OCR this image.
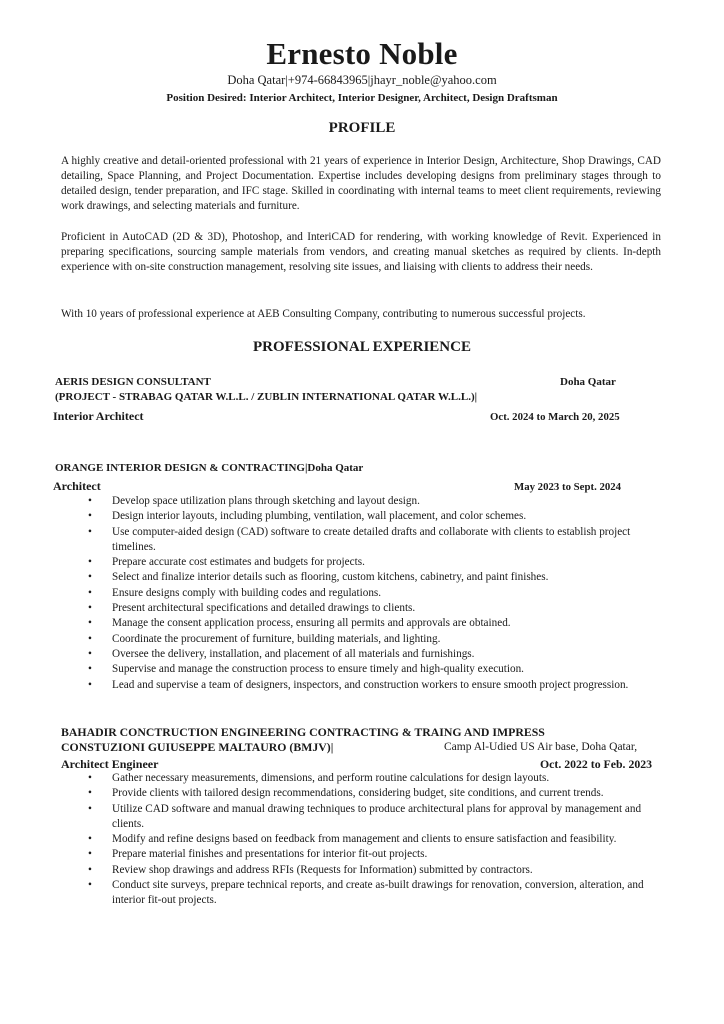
Ernesto Noble
Doha Qatar|+974-66843965|jhayr_noble@yahoo.com
Position Desired: Interior Architect, Interior Designer, Architect, Design Draftsman
PROFILE
A highly creative and detail-oriented professional with 21 years of experience in Interior Design, Architecture, Shop Drawings, CAD detailing, Space Planning, and Project Documentation. Expertise includes developing designs from preliminary stages through to detailed design, tender preparation, and IFC stage. Skilled in coordinating with internal teams to meet client requirements, reviewing work drawings, and selecting materials and furniture.
Proficient in AutoCAD (2D & 3D), Photoshop, and InteriCAD for rendering, with working knowledge of Revit. Experienced in preparing specifications, sourcing sample materials from vendors, and creating manual sketches as required by clients. In-depth experience with on-site construction management, resolving site issues, and liaising with clients to address their needs.
With 10 years of professional experience at AEB Consulting Company, contributing to numerous successful projects.
PROFESSIONAL EXPERIENCE
AERIS DESIGN CONSULTANT	Doha Qatar
(PROJECT - STRABAG QATAR W.L.L. / ZUBLIN INTERNATIONAL QATAR W.L.L.)|
Interior Architect	Oct. 2024 to March 20, 2025
ORANGE INTERIOR DESIGN & CONTRACTING|Doha Qatar
Architect	May 2023 to Sept. 2024
• Develop space utilization plans through sketching and layout design.
• Design interior layouts, including plumbing, ventilation, wall placement, and color schemes.
• Use computer-aided design (CAD) software to create detailed drafts and collaborate with clients to establish project timelines.
• Prepare accurate cost estimates and budgets for projects.
• Select and finalize interior details such as flooring, custom kitchens, cabinetry, and paint finishes.
• Ensure designs comply with building codes and regulations.
• Present architectural specifications and detailed drawings to clients.
• Manage the consent application process, ensuring all permits and approvals are obtained.
• Coordinate the procurement of furniture, building materials, and lighting.
• Oversee the delivery, installation, and placement of all materials and furnishings.
• Supervise and manage the construction process to ensure timely and high-quality execution.
• Lead and supervise a team of designers, inspectors, and construction workers to ensure smooth project progression.
BAHADIR CONCTRUCTION ENGINEERING CONTRACTING & TRAING AND IMPRESS
CONSTUZIONI GUIUSEPPE MALTAURO (BMJV)|	Camp Al-Udied US Air base, Doha Qatar,
Architect Engineer	Oct. 2022 to Feb. 2023
• Gather necessary measurements, dimensions, and perform routine calculations for design layouts.
• Provide clients with tailored design recommendations, considering budget, site conditions, and current trends.
• Utilize CAD software and manual drawing techniques to produce architectural plans for approval by management and clients.
• Modify and refine designs based on feedback from management and clients to ensure satisfaction and feasibility.
• Prepare material finishes and presentations for interior fit-out projects.
• Review shop drawings and address RFIs (Requests for Information) submitted by contractors.
• Conduct site surveys, prepare technical reports, and create as-built drawings for renovation, conversion, alteration, and interior fit-out projects.
